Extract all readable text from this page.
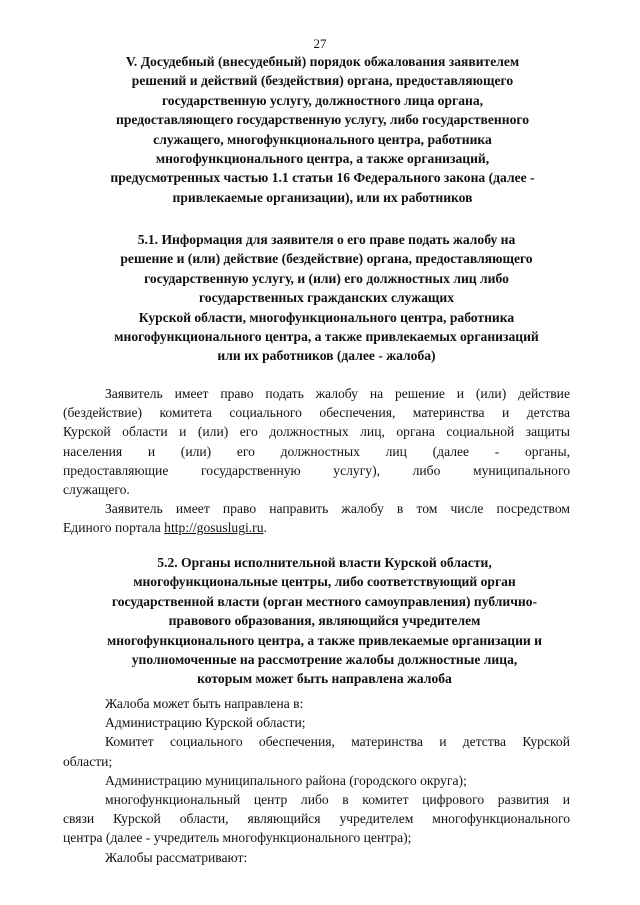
27
V. Досудебный (внесудебный) порядок обжалования заявителем
решений и действий (бездействия) органа, предоставляющего
государственную услугу, должностного лица органа,
предоставляющего государственную услугу, либо государственного
служащего, многофункционального центра, работника
многофункционального центра, а также организаций,
предусмотренных частью 1.1 статьи 16 Федерального закона (далее -
привлекаемые организации), или их работников
5.1. Информация для заявителя о его праве подать жалобу на
решение и (или) действие (бездействие) органа, предоставляющего
государственную услугу, и (или) его должностных лиц либо
государственных гражданских служащих
Курской области, многофункционального центра, работника
многофункционального центра, а также привлекаемых организаций
или их работников (далее - жалоба)
Заявитель имеет право подать жалобу на решение и (или) действие
(бездействие) комитета социального обеспечения, материнства и детства
Курской области и (или) его должностных лиц, органа социальной защиты
населения и (или) его должностных лиц (далее - органы,
предоставляющие государственную услугу), либо муниципального
служащего.
Заявитель имеет право направить жалобу в том числе посредством
Единого портала http://gosuslugi.ru.
5.2. Органы исполнительной власти Курской области,
многофункциональные центры, либо соответствующий орган
государственной власти (орган местного самоуправления) публично-
правового образования, являющийся учредителем
многофункционального центра, а также привлекаемые организации и
уполномоченные на рассмотрение жалобы должностные лица,
которым может быть направлена жалоба
Жалоба может быть направлена в:
Администрацию Курской области;
Комитет социального обеспечения, материнства и детства Курской
области;
Администрацию муниципального района (городского округа);
многофункциональный центр либо в комитет цифрового развития и
связи Курской области, являющийся учредителем многофункционального
центра (далее - учредитель многофункционального центра);
Жалобы рассматривают:
